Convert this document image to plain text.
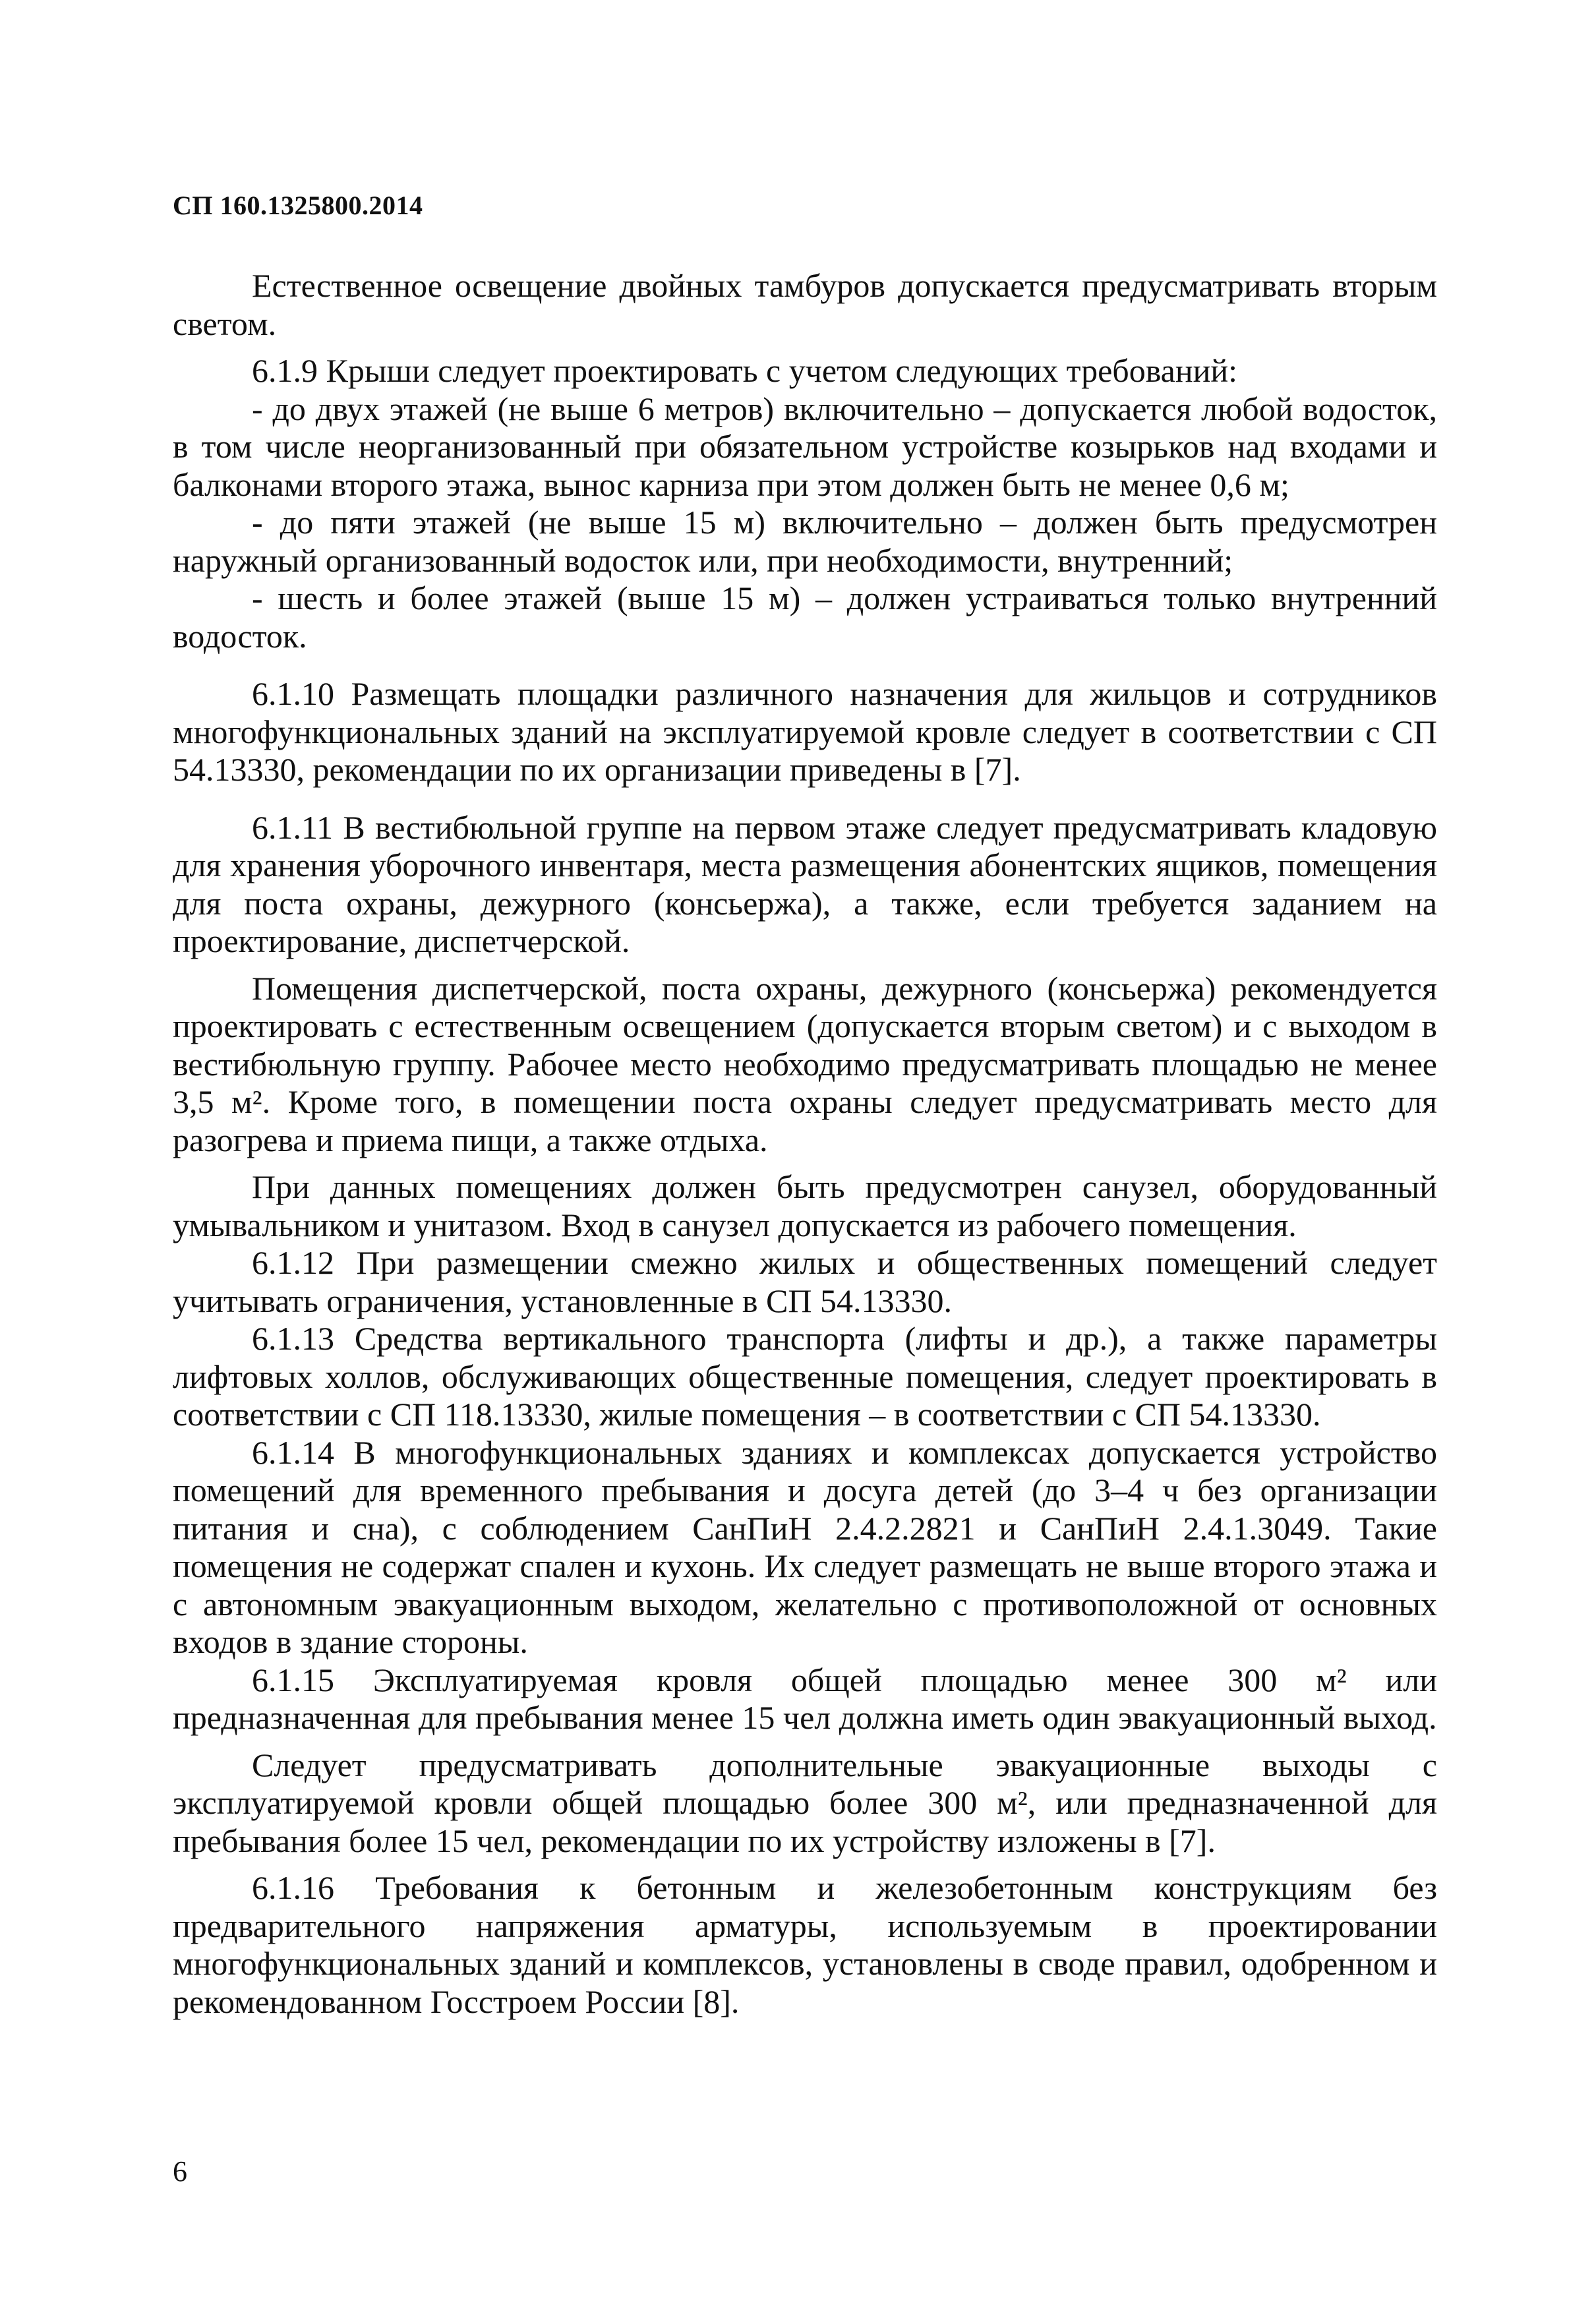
СП 160.1325800.2014

Естественное освещение двойных тамбуров допускается предусматривать вторым светом.

6.1.9 Крыши следует проектировать с учетом следующих требований:

- до двух этажей (не выше 6 метров) включительно – допускается любой водосток, в том числе неорганизованный при обязательном устройстве козырьков над входами и балконами второго этажа, вынос карниза при этом должен быть не менее 0,6 м;

- до пяти этажей (не выше 15 м) включительно – должен быть предусмотрен наружный организованный водосток или, при необходимости, внутренний;

- шесть и более этажей (выше 15 м) – должен устраиваться только внутренний водосток.

6.1.10 Размещать площадки различного назначения для жильцов и сотрудников многофункциональных зданий на эксплуатируемой кровле следует в соответствии с СП 54.13330, рекомендации по их организации приведены в [7].

6.1.11 В вестибюльной группе на первом этаже следует предусматривать кладовую для хранения уборочного инвентаря, места размещения абонентских ящиков, помещения для поста охраны, дежурного (консьержа), а также, если требуется заданием на проектирование, диспетчерской.

Помещения диспетчерской, поста охраны, дежурного (консьержа) рекомендуется проектировать с естественным освещением (допускается вторым светом) и с выходом в вестибюльную группу. Рабочее место необходимо предусматривать площадью не менее 3,5 м². Кроме того, в помещении поста охраны следует предусматривать место для разогрева и приема пищи, а также отдыха.

При данных помещениях должен быть предусмотрен санузел, оборудованный умывальником и унитазом. Вход в санузел допускается из рабочего помещения.

6.1.12 При размещении смежно жилых и общественных помещений следует учитывать ограничения, установленные в СП 54.13330.

6.1.13 Средства вертикального транспорта (лифты и др.), а также параметры лифтовых холлов, обслуживающих общественные помещения, следует проектировать в соответствии с СП 118.13330, жилые помещения – в соответствии с СП 54.13330.

6.1.14 В многофункциональных зданиях и комплексах допускается устройство помещений для временного пребывания и досуга детей (до 3–4 ч без организации питания и сна), с соблюдением СанПиН 2.4.2.2821 и СанПиН 2.4.1.3049. Такие помещения не содержат спален и кухонь. Их следует размещать не выше второго этажа и с автономным эвакуационным выходом, желательно с противоположной от основных входов в здание стороны.

6.1.15 Эксплуатируемая кровля общей площадью менее 300 м² или предназначенная для пребывания менее 15 чел должна иметь один эвакуационный выход.

Следует предусматривать дополнительные эвакуационные выходы с эксплуатируемой кровли общей площадью более 300 м², или предназначенной для пребывания более 15 чел, рекомендации по их устройству изложены в [7].

6.1.16 Требования к бетонным и железобетонным конструкциям без предварительного напряжения арматуры, используемым в проектировании многофункциональных зданий и комплексов, установлены в своде правил, одобренном и рекомендованном Госстроем России [8].

6
